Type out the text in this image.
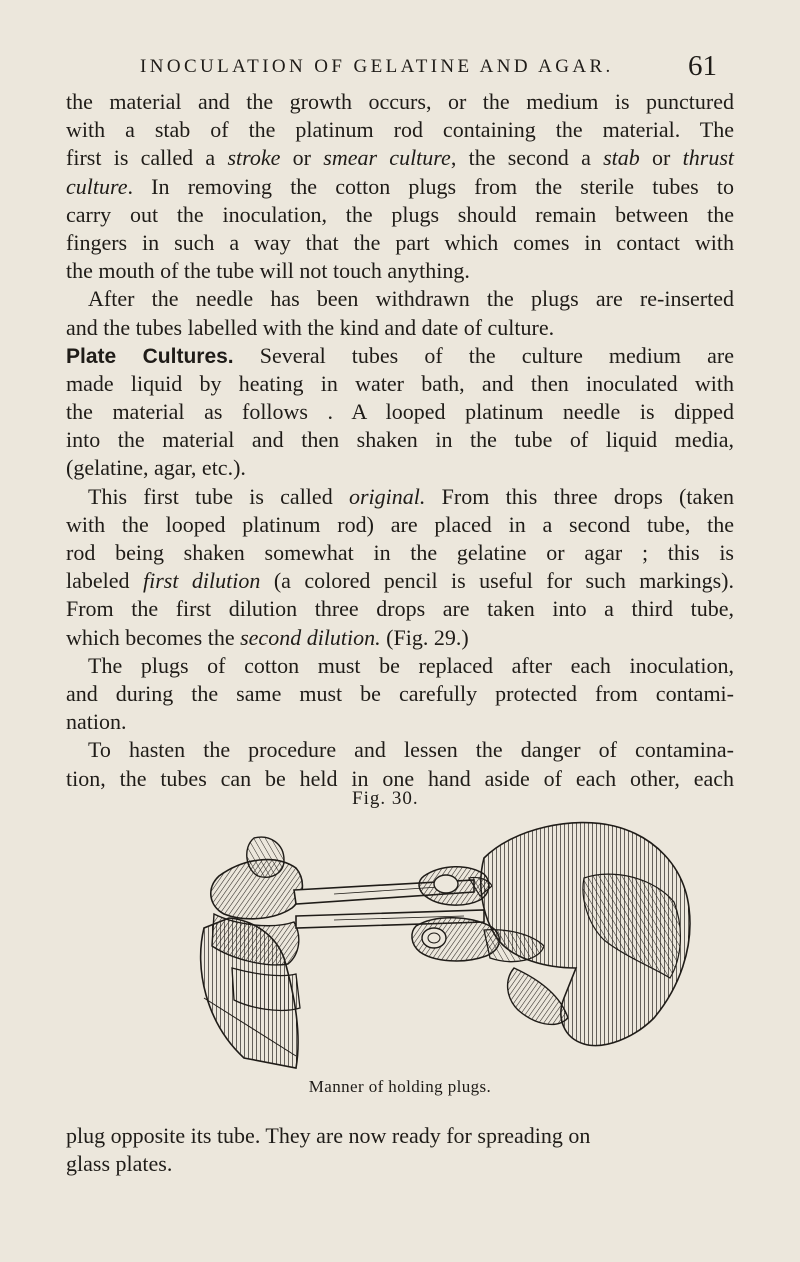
INOCULATION OF GELATINE AND AGAR.	61
the material and the growth occurs, or the medium is punctured
with a stab of the platinum rod containing the material. The
first is called a stroke or smear culture, the second a stab or thrust
culture. In removing the cotton plugs from the sterile tubes to
carry out the inoculation, the plugs should remain between the
fingers in such a way that the part which comes in contact with
the mouth of the tube will not touch anything.
After the needle has been withdrawn the plugs are re-inserted
and the tubes labelled with the kind and date of culture.
Plate Cultures. Several tubes of the culture medium are
made liquid by heating in water bath, and then inoculated with
the material as follows . A looped platinum needle is dipped
into the material and then shaken in the tube of liquid media,
(gelatine, agar, etc.).
This first tube is called original. From this three drops (taken
with the looped platinum rod) are placed in a second tube, the
rod being shaken somewhat in the gelatine or agar ; this is
labeled first dilution (a colored pencil is useful for such markings).
From the first dilution three drops are taken into a third tube,
which becomes the second dilution. (Fig. 29.)
The plugs of cotton must be replaced after each inoculation,
and during the same must be carefully protected from contami-
nation.
To hasten the procedure and lessen the danger of contamina-
tion, the tubes can be held in one hand aside of each other, each
Fig. 30.
Manner of holding plugs.
plug opposite its tube. They are now ready for spreading on
glass plates.
